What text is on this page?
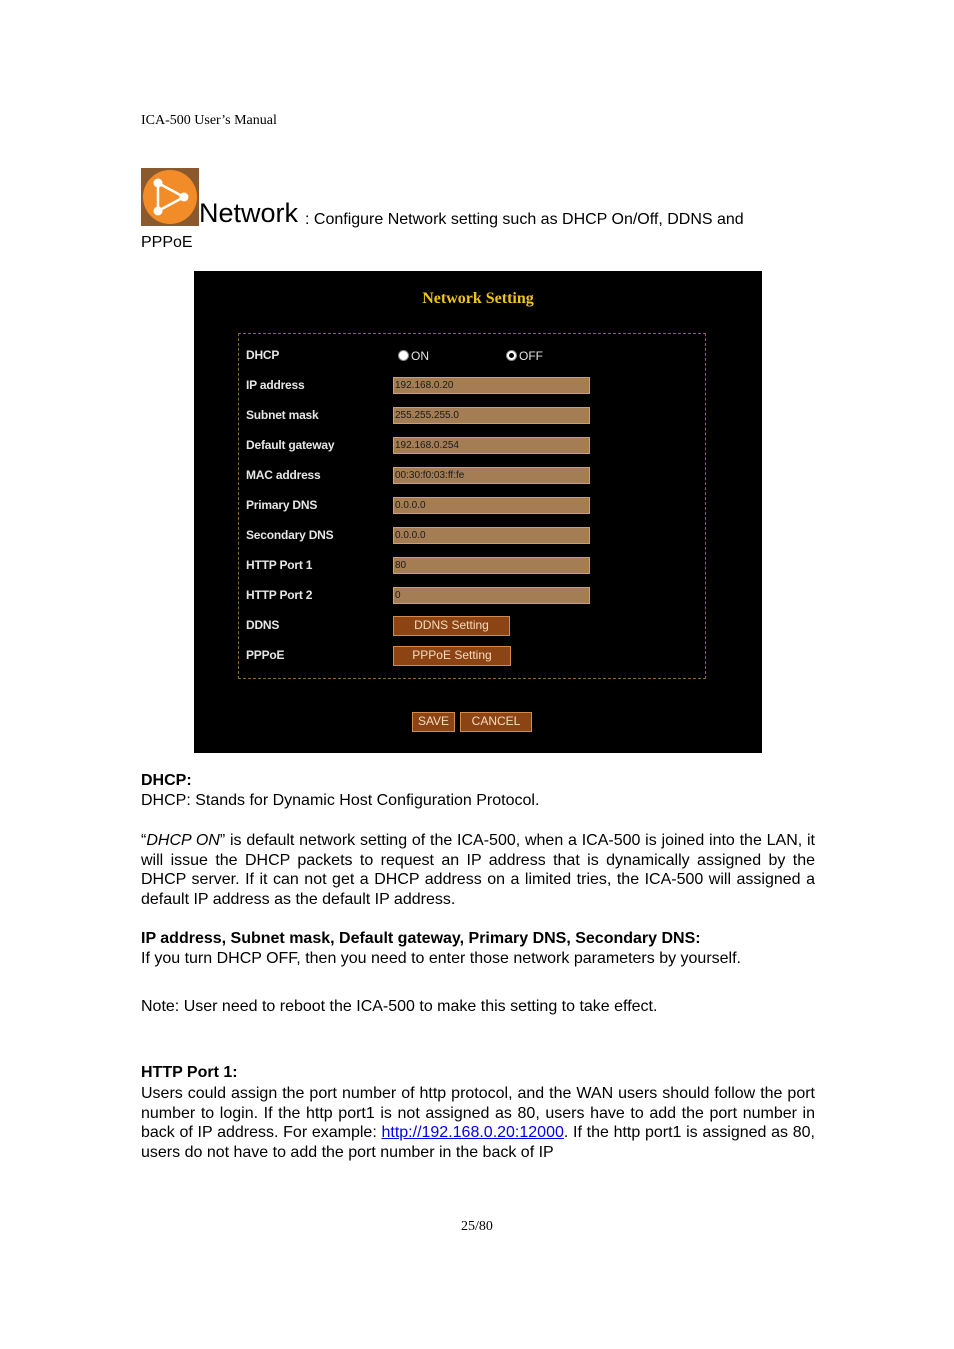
ICA-500 User’s Manual
Network : Configure Network setting such as DHCP On/Off, DDNS and
PPPoE
Network Setting
DHCP	ON	OFF
IP address	192.168.0.20
Subnet mask	255.255.255.0
Default gateway	192.168.0.254
MAC address	00:30:f0:03:ff:fe
Primary DNS	0.0.0.0
Secondary DNS	0.0.0.0
HTTP Port 1	80
HTTP Port 2	0
DDNS	DDNS Setting
PPPoE	PPPoE Setting
SAVE	CANCEL
DHCP:
DHCP: Stands for Dynamic Host Configuration Protocol.
“DHCP ON” is default network setting of the ICA-500, when a ICA-500 is joined into the LAN, it will issue the DHCP packets to request an IP address that is dynamically assigned by the DHCP server. If it can not get a DHCP address on a limited tries, the ICA-500 will assigned a default IP address as the default IP address.
IP address, Subnet mask, Default gateway, Primary DNS, Secondary DNS:
If you turn DHCP OFF, then you need to enter those network parameters by yourself.
Note: User need to reboot the ICA-500 to make this setting to take effect.
HTTP Port 1:
Users could assign the port number of http protocol, and the WAN users should follow the port number to login. If the http port1 is not assigned as 80, users have to add the port number in back of IP address. For example: http://192.168.0.20:12000. If the http port1 is assigned as 80, users do not have to add the port number in the back of IP
25/80
